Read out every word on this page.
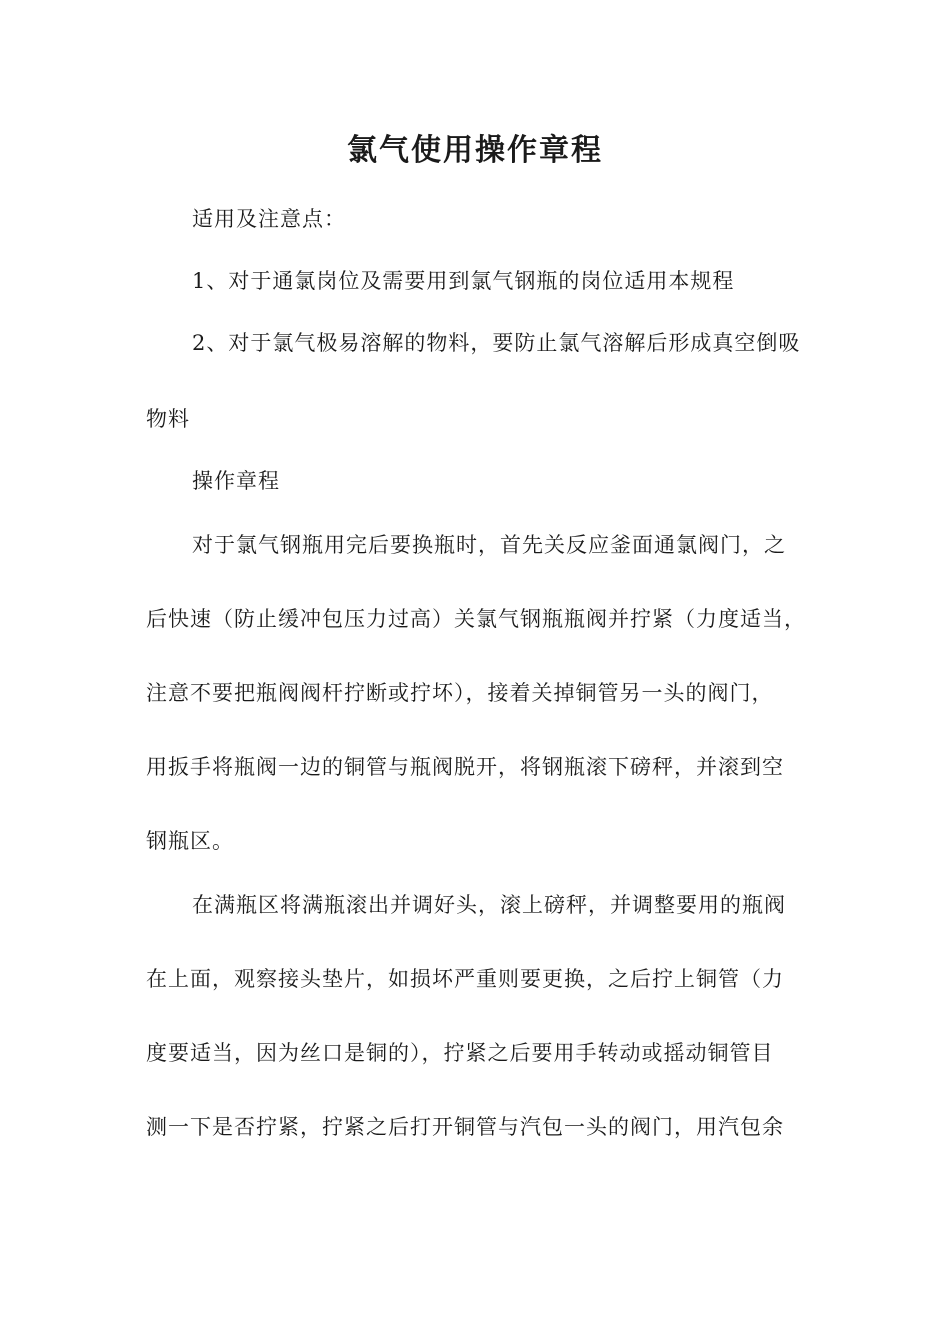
氯气使用操作章程
适用及注意点：
1、对于通氯岗位及需要用到氯气钢瓶的岗位适用本规程
2、对于氯气极易溶解的物料，要防止氯气溶解后形成真空倒吸
物料
操作章程
对于氯气钢瓶用完后要换瓶时，首先关反应釜面通氯阀门，之
后快速（防止缓冲包压力过高）关氯气钢瓶瓶阀并拧紧（力度适当，
注意不要把瓶阀阀杆拧断或拧坏），接着关掉铜管另一头的阀门，
用扳手将瓶阀一边的铜管与瓶阀脱开，将钢瓶滚下磅秤，并滚到空
钢瓶区。
在满瓶区将满瓶滚出并调好头，滚上磅秤，并调整要用的瓶阀
在上面，观察接头垫片，如损坏严重则要更换，之后拧上铜管（力
度要适当，因为丝口是铜的），拧紧之后要用手转动或摇动铜管目
测一下是否拧紧，拧紧之后打开铜管与汽包一头的阀门，用汽包余
